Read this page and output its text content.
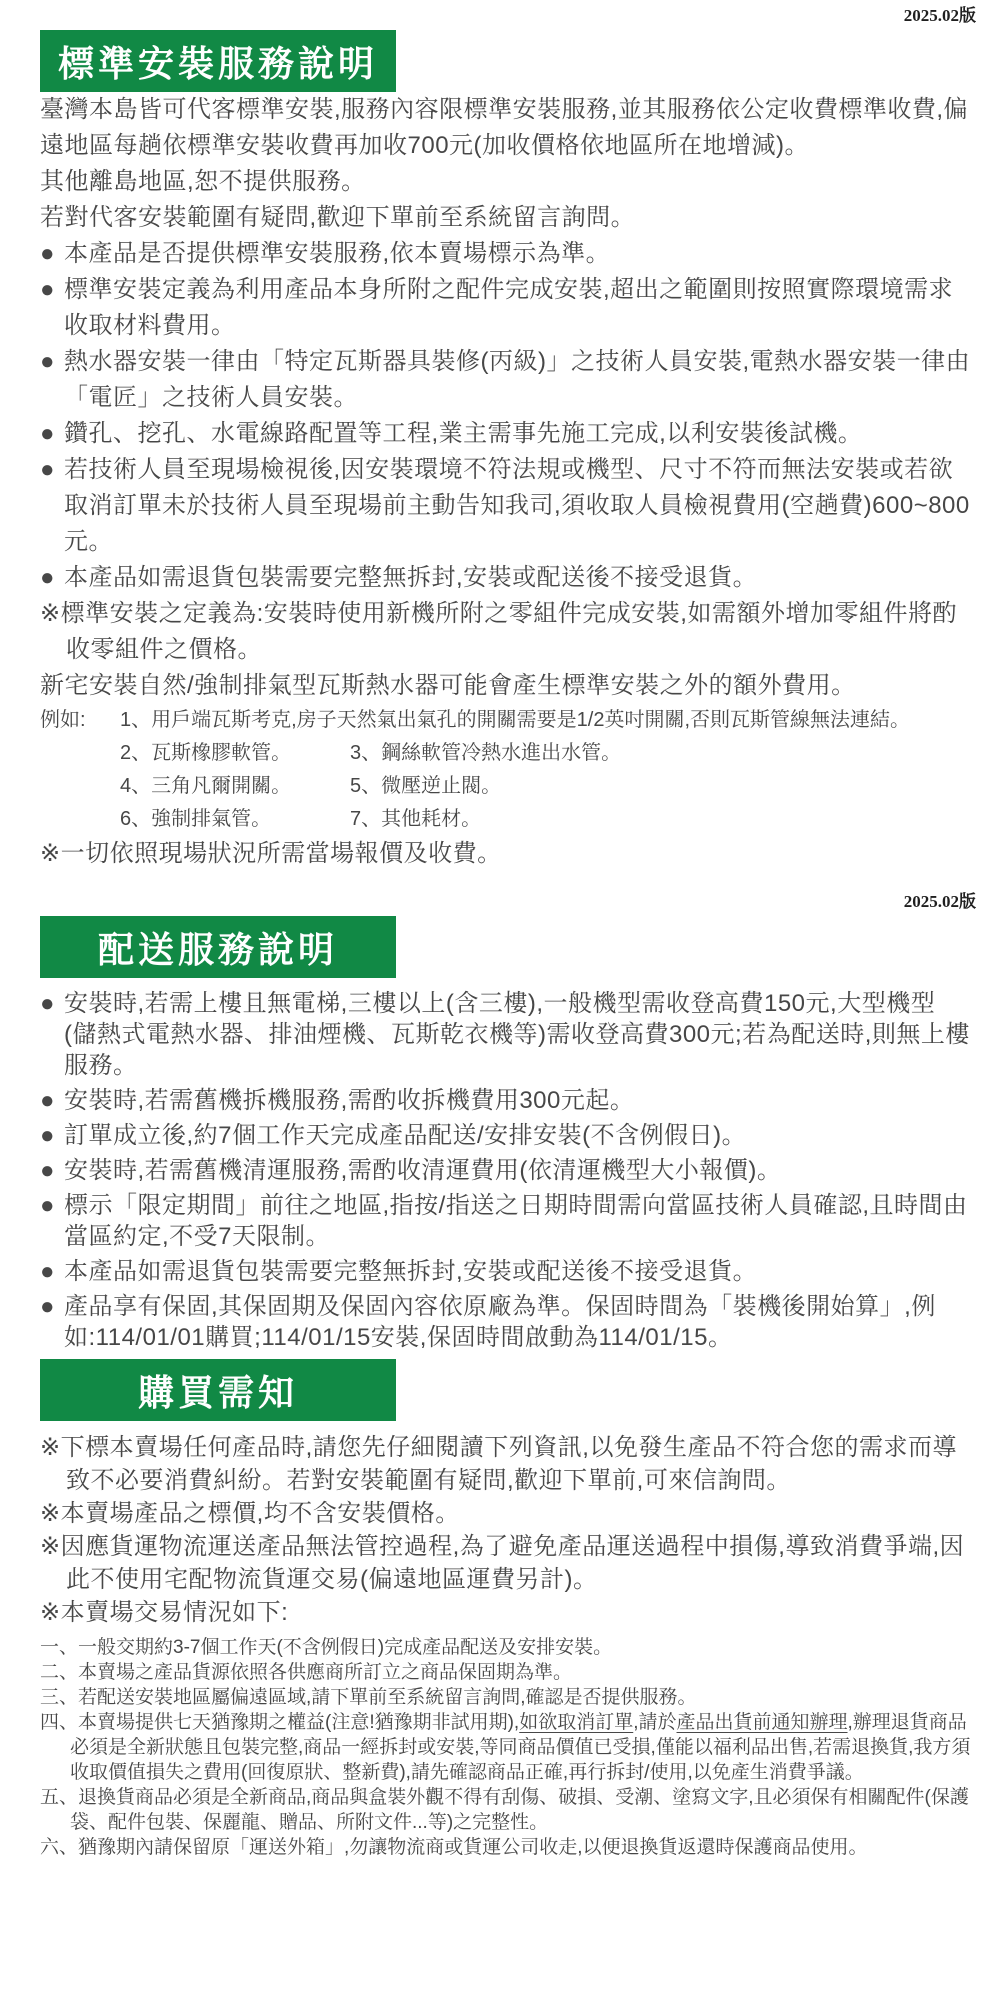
2025.02版
標準安裝服務說明

臺灣本島皆可代客標準安裝,服務內容限標準安裝服務,並其服務依公定收費標準收費,偏遠地區每趟依標準安裝收費再加收700元(加收價格依地區所在地增減)。

其他離島地區,恕不提供服務。

若對代客安裝範圍有疑問,歡迎下單前至系統留言詢問。

● 本產品是否提供標準安裝服務,依本賣場標示為準。
● 標準安裝定義為利用產品本身所附之配件完成安裝,超出之範圍則按照實際環境需求收取材料費用。
● 熱水器安裝一律由「特定瓦斯器具裝修(丙級)」之技術人員安裝,電熱水器安裝一律由「電匠」之技術人員安裝。
● 鑽孔、挖孔、水電線路配置等工程,業主需事先施工完成,以利安裝後試機。
● 若技術人員至現場檢視後,因安裝環境不符法規或機型、尺寸不符而無法安裝或若欲取消訂單未於技術人員至現場前主動告知我司,須收取人員檢視費用(空趟費)600~800元。
● 本產品如需退貨包裝需要完整無拆封,安裝或配送後不接受退貨。

※標準安裝之定義為:安裝時使用新機所附之零組件完成安裝,如需額外增加零組件將酌收零組件之價格。

新宅安裝自然/強制排氣型瓦斯熱水器可能會產生標準安裝之外的額外費用。

例如: 1、用戶端瓦斯考克,房子天然氣出氣孔的開關需要是1/2英吋開關,否則瓦斯管線無法連結。
2、瓦斯橡膠軟管。	3、鋼絲軟管冷熱水進出水管。
4、三角凡爾開關。	5、微壓逆止閥。
6、強制排氣管。	7、其他耗材。

※一切依照現場狀況所需當場報價及收費。

2025.02版
配送服務說明
● 安裝時,若需上樓且無電梯,三樓以上(含三樓),一般機型需收登高費150元,大型機型 (儲熱式電熱水器、排油煙機、瓦斯乾衣機等)需收登高費300元;若為配送時,則無上樓服務。
● 安裝時,若需舊機拆機服務,需酌收拆機費用300元起。
● 訂單成立後,約7個工作天完成產品配送/安排安裝(不含例假日)。
● 安裝時,若需舊機清運服務,需酌收清運費用(依清運機型大小報價)。
● 標示「限定期間」前往之地區,指按/指送之日期時間需向當區技術人員確認,且時間由當區約定,不受7天限制。
● 本產品如需退貨包裝需要完整無拆封,安裝或配送後不接受退貨。
● 產品享有保固,其保固期及保固內容依原廠為準。保固時間為「裝機後開始算」,例如:114/01/01購買;114/01/15安裝,保固時間啟動為114/01/15。
購買需知

※下標本賣場任何產品時,請您先仔細閱讀下列資訊,以免發生產品不符合您的需求而導致不必要消費糾紛。若對安裝範圍有疑問,歡迎下單前,可來信詢問。

※本賣場產品之標價,均不含安裝價格。

※因應貨運物流運送產品無法管控過程,為了避免產品運送過程中損傷,導致消費爭端,因此不使用宅配物流貨運交易(偏遠地區運費另計)。

※本賣場交易情況如下:

一、一般交期約3-7個工作天(不含例假日)完成產品配送及安排安裝。
二、本賣場之產品貨源依照各供應商所訂立之商品保固期為準。
三、若配送安裝地區屬偏遠區域,請下單前至系統留言詢問,確認是否提供服務。
四、本賣場提供七天猶豫期之權益(注意!猶豫期非試用期),如欲取消訂單,請於產品出貨前通知辦理,辦理退貨商品必須是全新狀態且包裝完整,商品一經拆封或安裝,等同商品價值已受損,僅能以福利品出售,若需退換貨,我方須收取價值損失之費用(回復原狀、整新費),請先確認商品正確,再行拆封/使用,以免產生消費爭議。
五、退換貨商品必須是全新商品,商品與盒裝外觀不得有刮傷、破損、受潮、塗寫文字,且必須保有相關配件(保護袋、配件包裝、保麗龍、贈品、所附文件...等)之完整性。
六、猶豫期內請保留原「運送外箱」,勿讓物流商或貨運公司收走,以便退換貨返還時保護商品使用。
